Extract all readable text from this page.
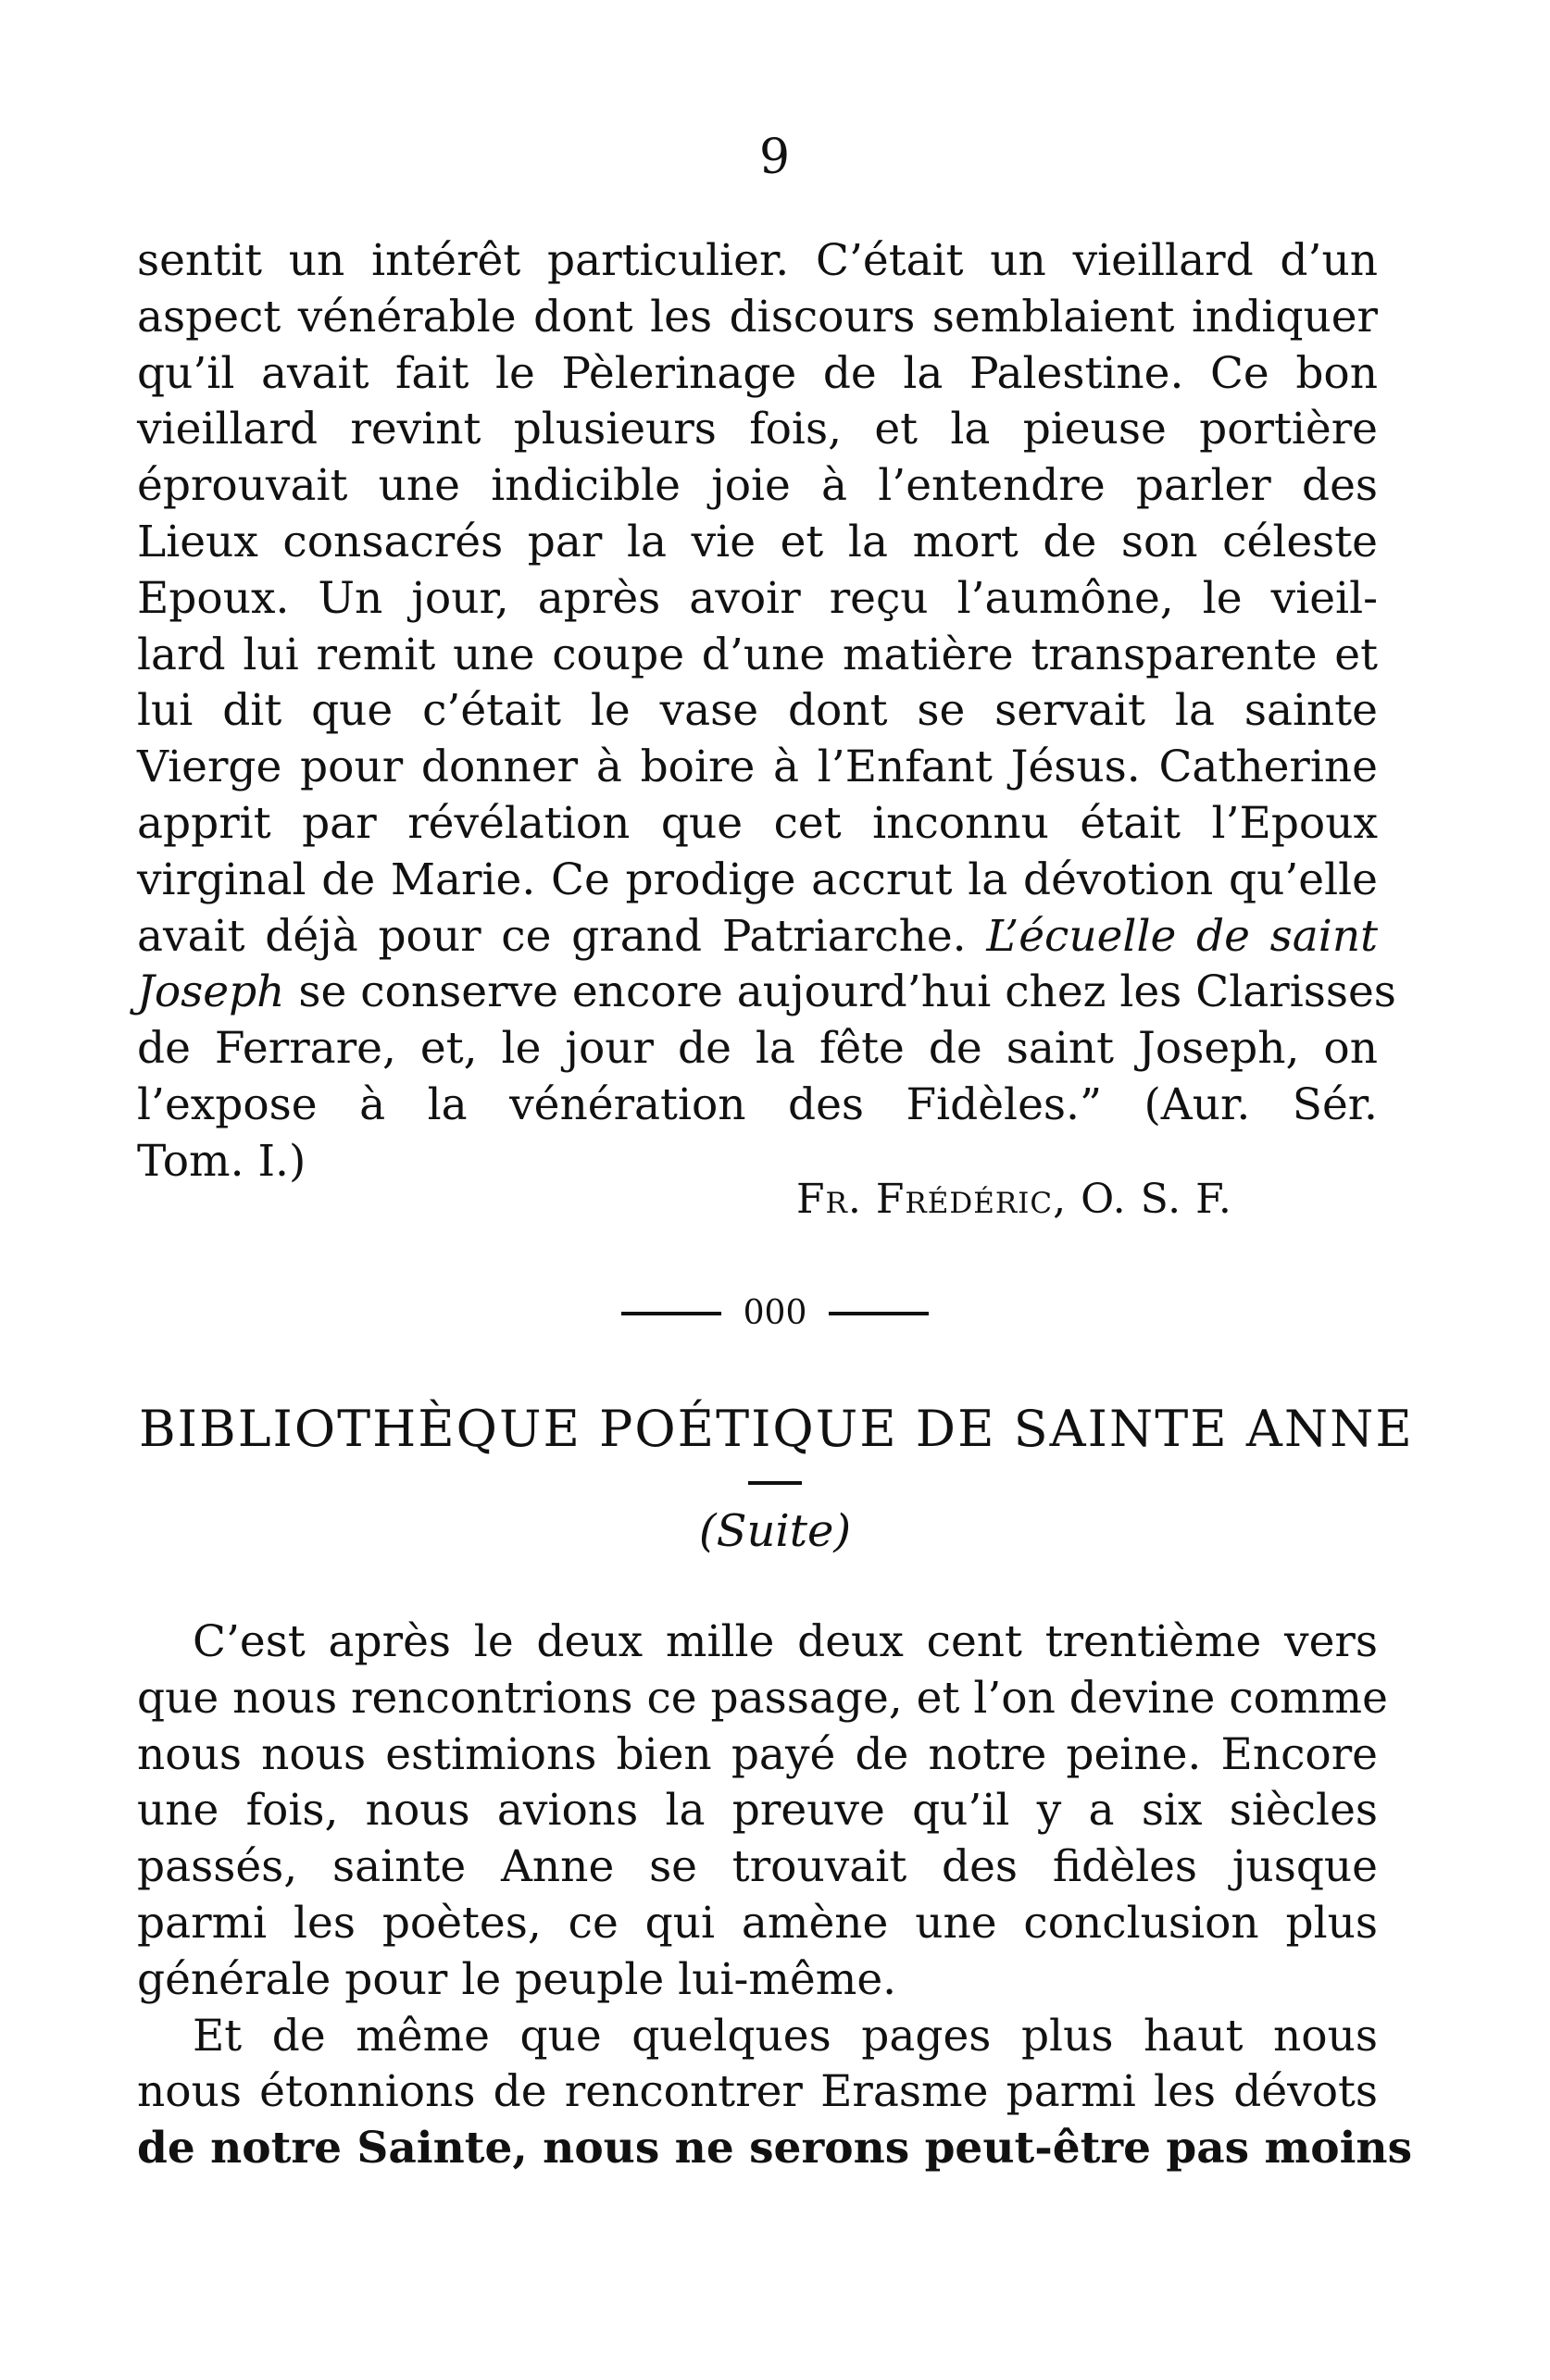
9
sentit un intérêt particulier. C’était un vieillard d’un
aspect vénérable dont les discours semblaient indiquer
qu’il avait fait le Pèlerinage de la Palestine. Ce bon
vieillard revint plusieurs fois, et la pieuse portière
éprouvait une indicible joie à l’entendre parler des
Lieux consacrés par la vie et la mort de son céleste
Epoux. Un jour, après avoir reçu l’aumône, le vieil-
lard lui remit une coupe d’une matière transparente et
lui dit que c’était le vase dont se servait la sainte
Vierge pour donner à boire à l’Enfant Jésus. Catherine
apprit par révélation que cet inconnu était l’Epoux
virginal de Marie. Ce prodige accrut la dévotion qu’elle
avait déjà pour ce grand Patriarche. L’écuelle de saint
Joseph se conserve encore aujourd’hui chez les Clarisses
de Ferrare, et, le jour de la fête de saint Joseph, on
l’expose à la vénération des Fidèles.” (Aur. Sér.
Tom. I.)
Fr. Frédéric, O. S. F.
000
BIBLIOTHÈQUE POÉTIQUE DE SAINTE ANNE
(Suite)
C’est après le deux mille deux cent trentième vers
que nous rencontrions ce passage, et l’on devine comme
nous nous estimions bien payé de notre peine. Encore
une fois, nous avions la preuve qu’il y a six siècles
passés, sainte Anne se trouvait des fidèles jusque
parmi les poètes, ce qui amène une conclusion plus
générale pour le peuple lui-même.
Et de même que quelques pages plus haut nous
nous étonnions de rencontrer Erasme parmi les dévots
de notre Sainte, nous ne serons peut-être pas moins
